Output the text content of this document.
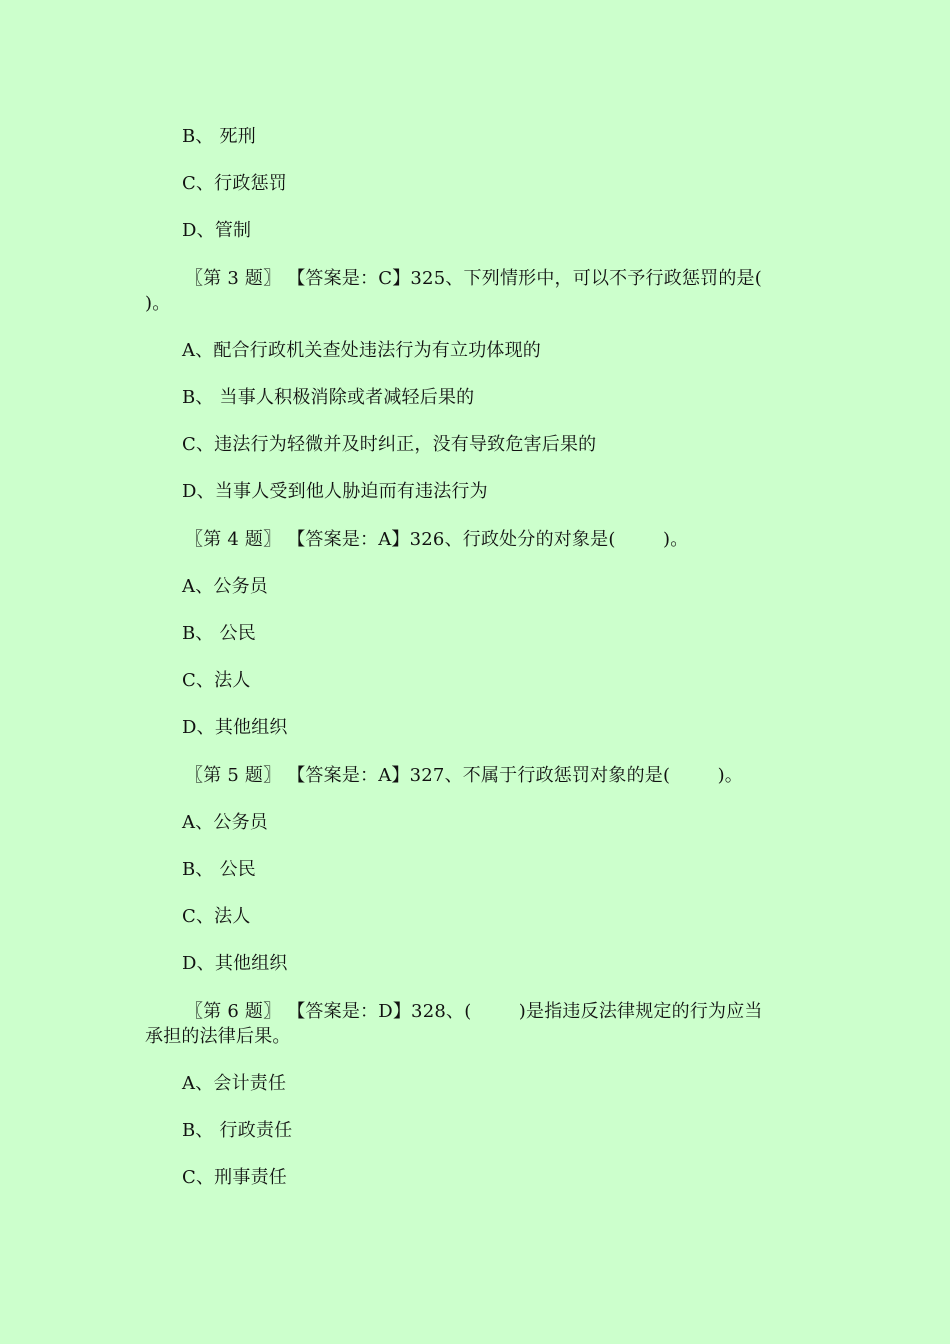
B、 死刑
C、行政惩罚
D、管制
〖第 3 题〗 【答案是：C】325、下列情形中，可以不予行政惩罚的是(
)。
A、配合行政机关查处违法行为有立功体现的
B、 当事人积极消除或者减轻后果的
C、违法行为轻微并及时纠正，没有导致危害后果的
D、当事人受到他人胁迫而有违法行为
〖第 4 题〗 【答案是：A】326、行政处分的对象是(        )。
A、公务员
B、 公民
C、法人
D、其他组织
〖第 5 题〗 【答案是：A】327、不属于行政惩罚对象的是(        )。
A、公务员
B、 公民
C、法人
D、其他组织
〖第 6 题〗 【答案是：D】328、(        )是指违反法律规定的行为应当
承担的法律后果。
A、会计责任
B、 行政责任
C、刑事责任
